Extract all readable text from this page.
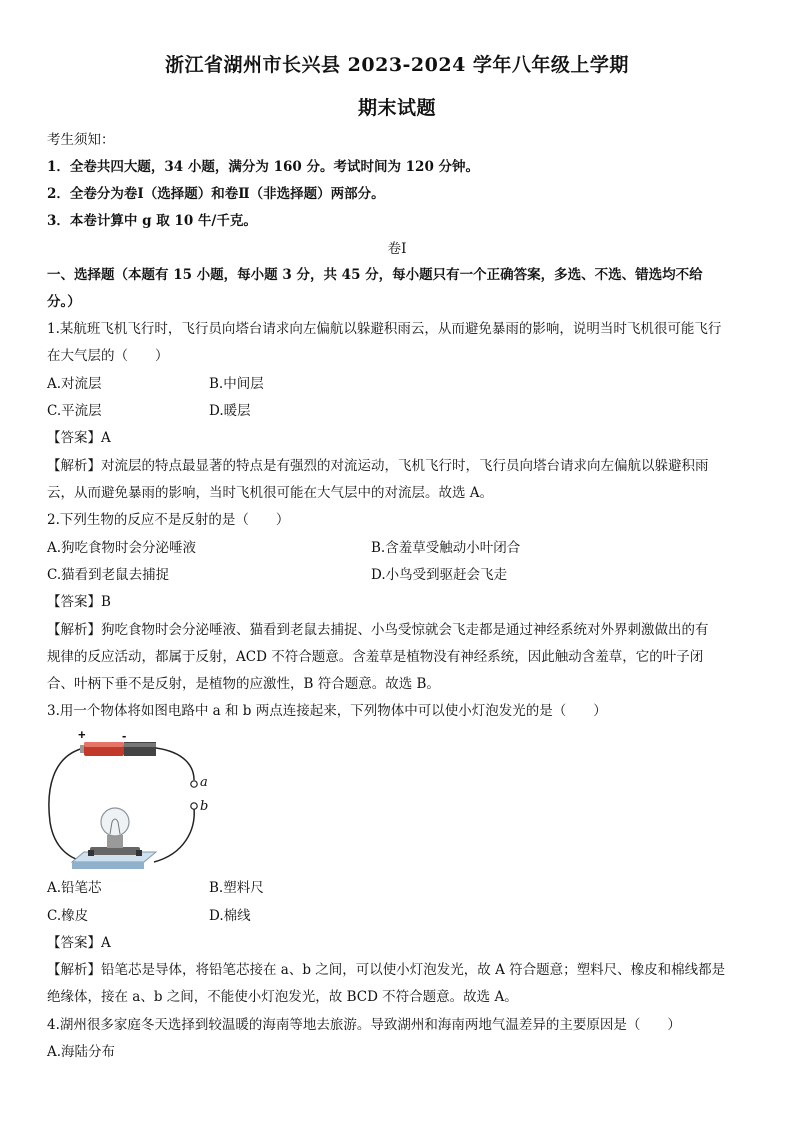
浙江省湖州市长兴县 2023-2024 学年八年级上学期
期末试题
考生须知：
1．全卷共四大题，34 小题，满分为 160 分。考试时间为 120 分钟。
2．全卷分为卷Ⅰ（选择题）和卷Ⅱ（非选择题）两部分。
3．本卷计算中 g 取 10 牛/千克。
卷Ⅰ
一、选择题（本题有 15 小题，每小题 3 分，共 45 分，每小题只有一个正确答案，多选、不选、错选均不给
分。）
1.某航班飞机飞行时，飞行员向塔台请求向左偏航以躲避积雨云，从而避免暴雨的影响，说明当时飞机很可能飞行
在大气层的（　　）
A.对流层	B.中间层
C.平流层	D.暖层
【答案】A
【解析】对流层的特点最显著的特点是有强烈的对流运动，飞机飞行时，飞行员向塔台请求向左偏航以躲避积雨
云，从而避免暴雨的影响，当时飞机很可能在大气层中的对流层。故选 A。
2.下列生物的反应不是反射的是（　　）
A.狗吃食物时会分泌唾液	B.含羞草受触动小叶闭合
C.猫看到老鼠去捕捉	D.小鸟受到驱赶会飞走
【答案】B
【解析】狗吃食物时会分泌唾液、猫看到老鼠去捕捉、小鸟受惊就会飞走都是通过神经系统对外界刺激做出的有
规律的反应活动，都属于反射，ACD 不符合题意。含羞草是植物没有神经系统，因此触动含羞草，它的叶子闭
合、叶柄下垂不是反射，是植物的应激性，B 符合题意。故选 B。
3.用一个物体将如图电路中 a 和 b 两点连接起来，下列物体中可以使小灯泡发光的是（　　）
+	-
a
b
A.铅笔芯	B.塑料尺
C.橡皮	D.棉线
【答案】A
【解析】铅笔芯是导体，将铅笔芯接在 a、b 之间，可以使小灯泡发光，故 A 符合题意；塑料尺、橡皮和棉线都是
绝缘体，接在 a、b 之间，不能使小灯泡发光，故 BCD 不符合题意。故选 A。
4.湖州很多家庭冬天选择到较温暖的海南等地去旅游。导致湖州和海南两地气温差异的主要原因是（　　）
A.海陆分布
